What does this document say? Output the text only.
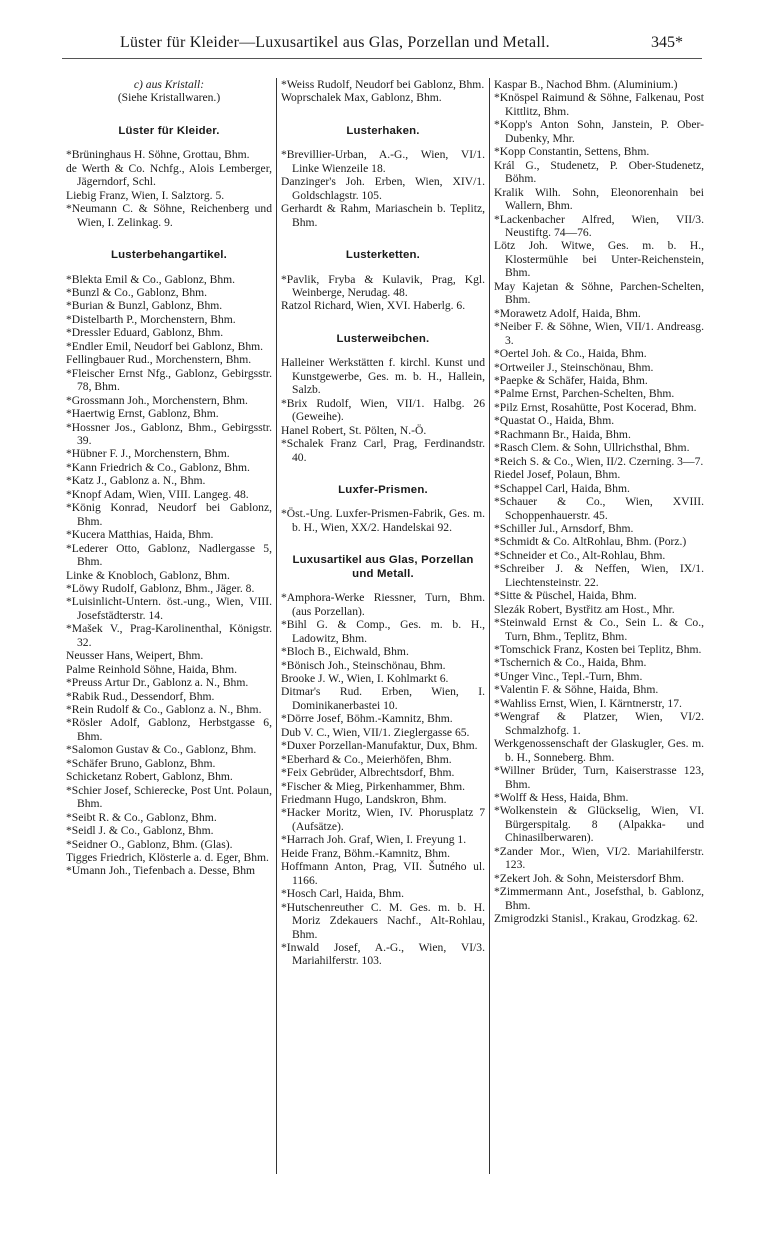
Lüster für Kleider—Luxusartikel aus Glas, Porzellan und Metall.	345*
c) aus Kristall:
(Siehe Kristallwaren.)
Lüster für Kleider.
*Brüninghaus H. Söhne, Grottau, Bhm.
de Werth & Co. Nchfg., Alois Lemberger, Jägerndorf, Schl.
Liebig Franz, Wien, I. Salztorg. 5.
*Neumann C. & Söhne, Reichenberg und Wien, I. Zelinkag. 9.
Lusterbehangartikel.
*Blekta Emil & Co., Gablonz, Bhm.
*Bunzl & Co., Gablonz, Bhm.
*Burian & Bunzl, Gablonz, Bhm.
*Distelbarth P., Morchenstern, Bhm.
*Dressler Eduard, Gablonz, Bhm.
*Endler Emil, Neudorf bei Gablonz, Bhm.
Fellingbauer Rud., Morchenstern, Bhm.
*Fleischer Ernst Nfg., Gablonz, Gebirgsstr. 78, Bhm.
*Grossmann Joh., Morchenstern, Bhm.
*Haertwig Ernst, Gablonz, Bhm.
*Hossner Jos., Gablonz, Bhm., Gebirgsstr. 39.
*Hübner F. J., Morchenstern, Bhm.
*Kann Friedrich & Co., Gablonz, Bhm.
*Katz J., Gablonz a. N., Bhm.
*Knopf Adam, Wien, VIII. Langeg. 48.
*König Konrad, Neudorf bei Gablonz, Bhm.
*Kucera Matthias, Haida, Bhm.
*Lederer Otto, Gablonz, Nadlergasse 5, Bhm.
Linke & Knobloch, Gablonz, Bhm.
*Löwy Rudolf, Gablonz, Bhm., Jäger. 8.
*Luisinlicht-Untern. öst.-ung., Wien, VIII. Josefstädterstr. 14.
*Mašek V., Prag-Karolinenthal, Königstr. 32.
Neusser Hans, Weipert, Bhm.
Palme Reinhold Söhne, Haida, Bhm.
*Preuss Artur Dr., Gablonz a. N., Bhm.
*Rabik Rud., Dessendorf, Bhm.
*Rein Rudolf & Co., Gablonz a. N., Bhm.
*Rösler Adolf, Gablonz, Herbstgasse 6, Bhm.
*Salomon Gustav & Co., Gablonz, Bhm.
*Schäfer Bruno, Gablonz, Bhm.
Schicketanz Robert, Gablonz, Bhm.
*Schier Josef, Schierecke, Post Unt. Polaun, Bhm.
*Seibt R. & Co., Gablonz, Bhm.
*Seidl J. & Co., Gablonz, Bhm.
*Seidner O., Gablonz, Bhm. (Glas).
Tigges Friedrich, Klösterle a. d. Eger, Bhm.
*Umann Joh., Tiefenbach a. Desse, Bhm
*Weiss Rudolf, Neudorf bei Gablonz, Bhm.
Woprschalek Max, Gablonz, Bhm.
Lusterhaken.
*Brevillier-Urban, A.-G., Wien, VI/1. Linke Wienzeile 18.
Danzinger's Joh. Erben, Wien, XIV/1. Goldschlagstr. 105.
Gerhardt & Rahm, Mariaschein b. Teplitz, Bhm.
Lusterketten.
*Pavlik, Fryba & Kulavik, Prag, Kgl. Weinberge, Nerudag. 48.
Ratzol Richard, Wien, XVI. Haberlg. 6.
Lusterweibchen.
Halleiner Werkstätten f. kirchl. Kunst und Kunstgewerbe, Ges. m. b. H., Hallein, Salzb.
*Brix Rudolf, Wien, VII/1. Halbg. 26 (Geweihe).
Hanel Robert, St. Pölten, N.-Ö.
*Schalek Franz Carl, Prag, Ferdinandstr. 40.
Luxfer-Prismen.
*Öst.-Ung. Luxfer-Prismen-Fabrik, Ges. m. b. H., Wien, XX/2. Handelskai 92.
Luxusartikel aus Glas, Porzellan und Metall.
*Amphora-Werke Riessner, Turn, Bhm. (aus Porzellan).
*Bihl G. & Comp., Ges. m. b. H., Ladowitz, Bhm.
*Bloch B., Eichwald, Bhm.
*Bönisch Joh., Steinschönau, Bhm.
Brooke J. W., Wien, I. Kohlmarkt 6.
Ditmar's Rud. Erben, Wien, I. Dominikanerbastei 10.
*Dörre Josef, Böhm.-Kamnitz, Bhm.
Dub V. C., Wien, VII/1. Zieglergasse 65.
*Duxer Porzellan-Manufaktur, Dux, Bhm.
*Eberhard & Co., Meierhöfen, Bhm.
*Feix Gebrüder, Albrechtsdorf, Bhm.
*Fischer & Mieg, Pirkenhammer, Bhm.
Friedmann Hugo, Landskron, Bhm.
*Hacker Moritz, Wien, IV. Phorusplatz 7 (Aufsätze).
*Harrach Joh. Graf, Wien, I. Freyung 1.
Heide Franz, Böhm.-Kamnitz, Bhm.
Hoffmann Anton, Prag, VII. Šutného ul. 1166.
*Hosch Carl, Haida, Bhm.
*Hutschenreuther C. M. Ges. m. b. H. Moriz Zdekauers Nachf., Alt-Rohlau, Bhm.
*Inwald Josef, A.-G., Wien, VI/3. Mariahilferstr. 103.
Kaspar B., Nachod Bhm. (Aluminium.)
*Knöspel Raimund & Söhne, Falkenau, Post Kittlitz, Bhm.
*Kopp's Anton Sohn, Janstein, P. Ober-Dubenky, Mhr.
*Kopp Constantin, Settens, Bhm.
Král G., Studenetz, P. Ober-Studenetz, Böhm.
Kralik Wilh. Sohn, Eleonorenhain bei Wallern, Bhm.
*Lackenbacher Alfred, Wien, VII/3. Neustiftg. 74—76.
Lötz Joh. Witwe, Ges. m. b. H., Klostermühle bei Unter-Reichenstein, Bhm.
May Kajetan & Söhne, Parchen-Schelten, Bhm.
*Morawetz Adolf, Haida, Bhm.
*Neiber F. & Söhne, Wien, VII/1. Andreasg. 3.
*Oertel Joh. & Co., Haida, Bhm.
*Ortweiler J., Steinschönau, Bhm.
*Paepke & Schäfer, Haida, Bhm.
*Palme Ernst, Parchen-Schelten, Bhm.
*Pilz Ernst, Rosahütte, Post Kocerad, Bhm.
*Quastat O., Haida, Bhm.
*Rachmann Br., Haida, Bhm.
*Rasch Clem. & Sohn, Ullrichsthal, Bhm.
*Reich S. & Co., Wien, II/2. Czerning. 3—7.
Riedel Josef, Polaun, Bhm.
*Schappel Carl, Haida, Bhm.
*Schauer & Co., Wien, XVIII. Schoppenhauerstr. 45.
*Schiller Jul., Arnsdorf, Bhm.
*Schmidt & Co. AltRohlau, Bhm. (Porz.)
*Schneider et Co., Alt-Rohlau, Bhm.
*Schreiber J. & Neffen, Wien, IX/1. Liechtensteinstr. 22.
*Sitte & Püschel, Haida, Bhm.
Slezák Robert, Bystřitz am Host., Mhr.
*Steinwald Ernst & Co., Sein L. & Co., Turn, Bhm., Teplitz, Bhm.
*Tomschick Franz, Kosten bei Teplitz, Bhm.
*Tschernich & Co., Haida, Bhm.
*Unger Vinc., Tepl.-Turn, Bhm.
*Valentin F. & Söhne, Haida, Bhm.
*Wahliss Ernst, Wien, I. Kärntnerstr, 17.
*Wengraf & Platzer, Wien, VI/2. Schmalzhofg. 1.
Werkgenossenschaft der Glaskugler, Ges. m. b. H., Sonneberg. Bhm.
*Willner Brüder, Turn, Kaiserstrasse 123, Bhm.
*Wolff & Hess, Haida, Bhm.
*Wolkenstein & Glückselig, Wien, VI. Bürgerspitalg. 8 (Alpakka- und Chinasilberwaren).
*Zander Mor., Wien, VI/2. Mariahilferstr. 123.
*Zekert Joh. & Sohn, Meistersdorf Bhm.
*Zimmermann Ant., Josefsthal, b. Gablonz, Bhm.
Zmigrodzki Stanisl., Krakau, Grodzkag. 62.
